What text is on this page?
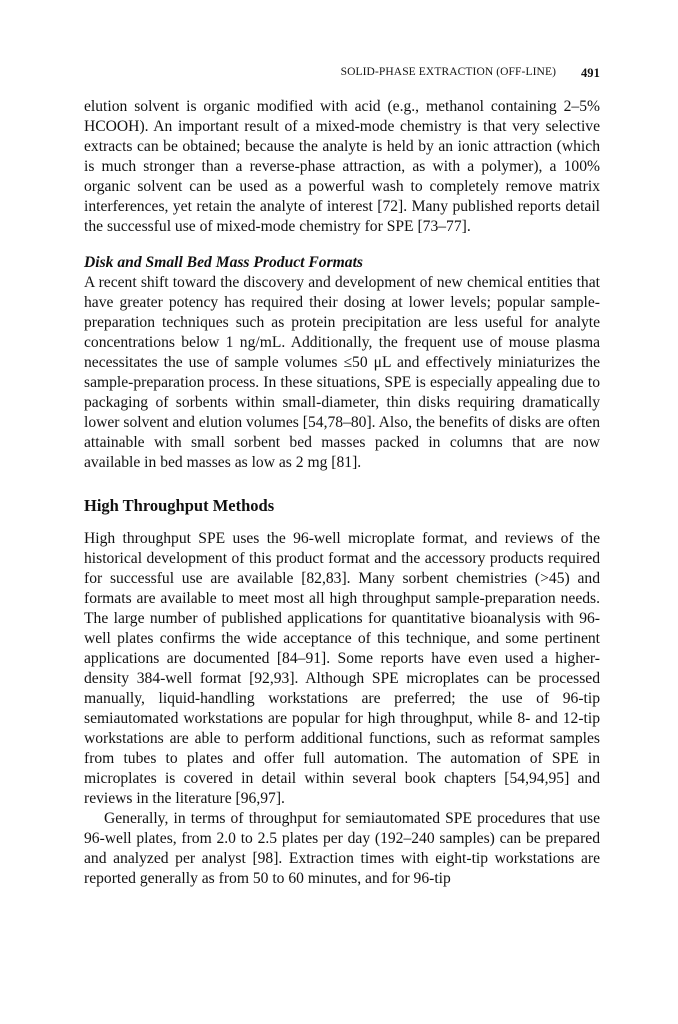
SOLID-PHASE EXTRACTION (OFF-LINE) 491

elution solvent is organic modified with acid (e.g., methanol containing 2–5% HCOOH). An important result of a mixed-mode chemistry is that very selective extracts can be obtained; because the analyte is held by an ionic attraction (which is much stronger than a reverse-phase attraction, as with a polymer), a 100% organic solvent can be used as a powerful wash to completely remove matrix interferences, yet retain the analyte of interest [72]. Many published reports detail the successful use of mixed-mode chemistry for SPE [73–77].

Disk and Small Bed Mass Product Formats

A recent shift toward the discovery and development of new chemical entities that have greater potency has required their dosing at lower levels; popular sample-preparation techniques such as protein precipitation are less useful for analyte concentrations below 1 ng/mL. Additionally, the frequent use of mouse plasma necessitates the use of sample volumes ≤50 μL and effectively miniaturizes the sample-preparation process. In these situations, SPE is especially appealing due to packaging of sorbents within small-diameter, thin disks requiring dramatically lower solvent and elution volumes [54,78–80]. Also, the benefits of disks are often attainable with small sorbent bed masses packed in columns that are now available in bed masses as low as 2 mg [81].

High Throughput Methods

High throughput SPE uses the 96-well microplate format, and reviews of the historical development of this product format and the accessory products required for successful use are available [82,83]. Many sorbent chemistries (>45) and formats are available to meet most all high throughput sample-preparation needs. The large number of published applications for quantitative bioanalysis with 96-well plates confirms the wide acceptance of this technique, and some pertinent applications are documented [84–91]. Some reports have even used a higher-density 384-well format [92,93]. Although SPE microplates can be processed manually, liquid-handling workstations are preferred; the use of 96-tip semiautomated workstations are popular for high throughput, while 8- and 12-tip workstations are able to perform additional functions, such as reformat samples from tubes to plates and offer full automation. The automation of SPE in microplates is covered in detail within several book chapters [54,94,95] and reviews in the literature [96,97].

Generally, in terms of throughput for semiautomated SPE procedures that use 96-well plates, from 2.0 to 2.5 plates per day (192–240 samples) can be prepared and analyzed per analyst [98]. Extraction times with eight-tip workstations are reported generally as from 50 to 60 minutes, and for 96-tip
